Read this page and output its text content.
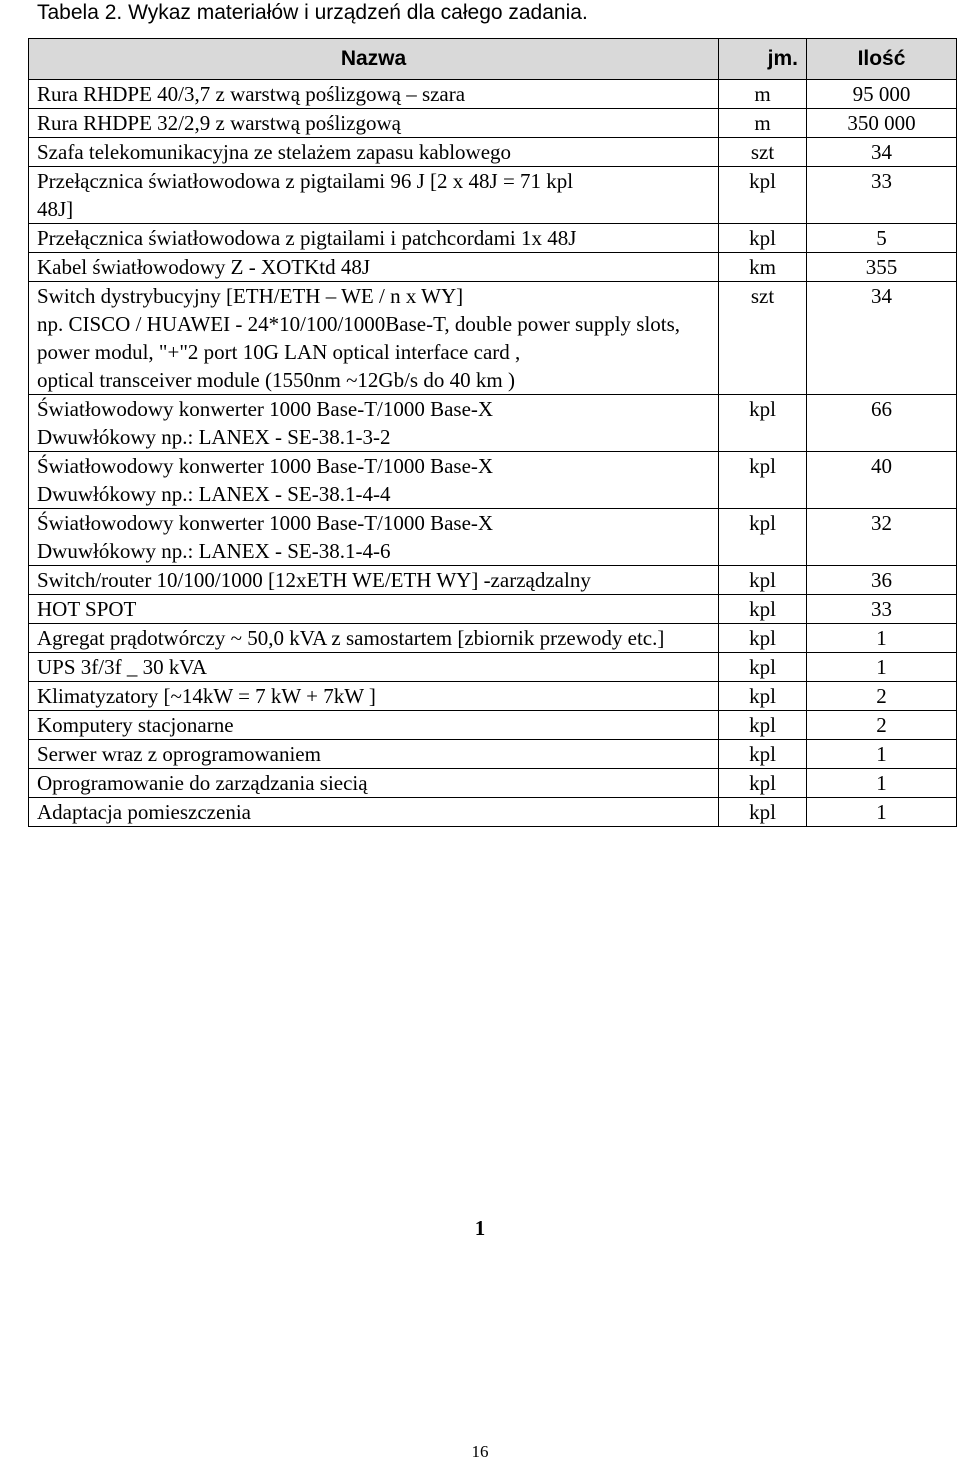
Tabela 2. Wykaz materiałów i urządzeń dla całego zadania.
Nazwa	jm.	Ilość
Rura RHDPE 40/3,7 z warstwą poślizgową – szara	m	95 000
Rura RHDPE 32/2,9 z warstwą poślizgową	m	350 000
Szafa telekomunikacyjna ze stelażem zapasu kablowego	szt	34
Przełącznica światłowodowa z pigtailami 96 J [2 x 48J = 71 kpl
48J]	kpl	33
Przełącznica światłowodowa z pigtailami i patchcordami 1x 48J	kpl	5
Kabel światłowodowy Z - XOTKtd 48J	km	355
Switch dystrybucyjny [ETH/ETH – WE / n x WY]
np. CISCO / HUAWEI - 24*10/100/1000Base-T, double power supply slots, power modul, "+"2 port 10G LAN optical interface card ,
optical transceiver module (1550nm ~12Gb/s do 40 km )	szt	34
Światłowodowy konwerter 1000 Base-T/1000 Base-X
Dwuwłókowy np.: LANEX - SE-38.1-3-2	kpl	66
Światłowodowy konwerter 1000 Base-T/1000 Base-X
Dwuwłókowy np.: LANEX - SE-38.1-4-4	kpl	40
Światłowodowy konwerter 1000 Base-T/1000 Base-X
Dwuwłókowy np.: LANEX - SE-38.1-4-6	kpl	32
Switch/router 10/100/1000 [12xETH WE/ETH WY] -zarządzalny	kpl	36
HOT SPOT	kpl	33
Agregat prądotwórczy ~ 50,0 kVA z samostartem [zbiornik przewody etc.]	kpl	1
UPS 3f/3f _ 30 kVA	kpl	1
Klimatyzatory [~14kW = 7 kW + 7kW ]	kpl	2
Komputery stacjonarne	kpl	2
Serwer wraz z oprogramowaniem	kpl	1
Oprogramowanie do zarządzania siecią	kpl	1
Adaptacja pomieszczenia	kpl	1
1
16
